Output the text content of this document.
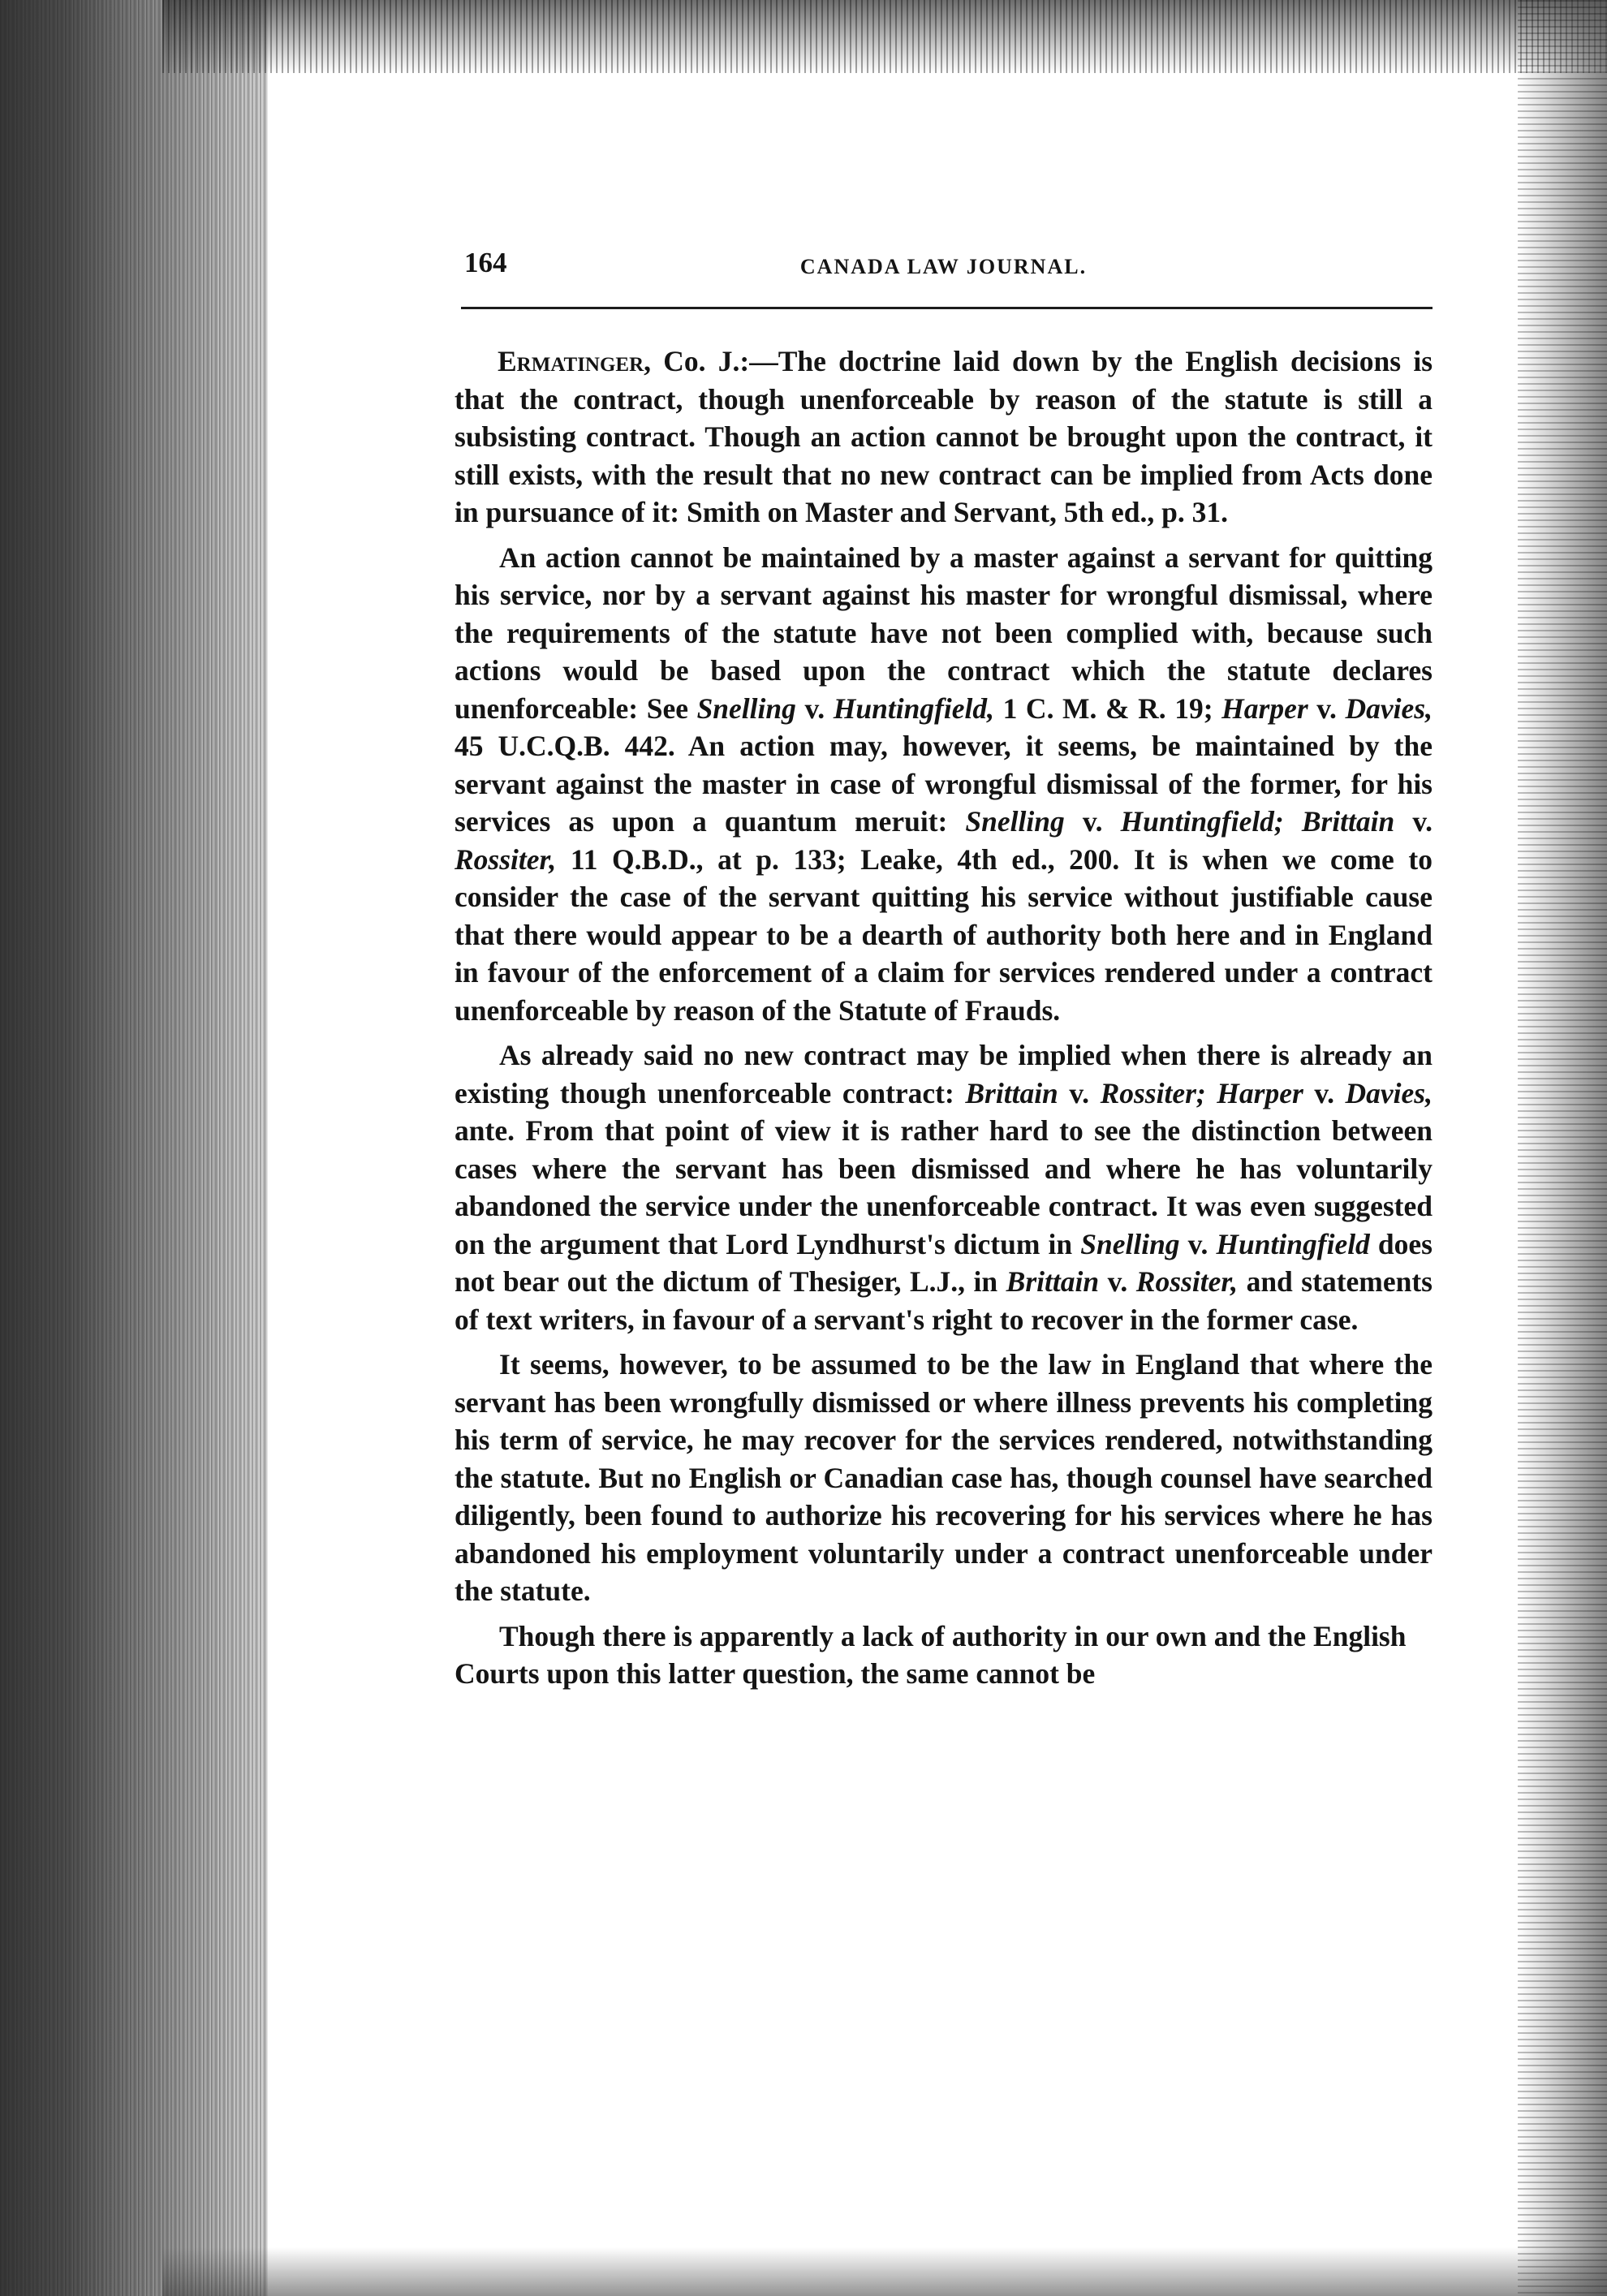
164	CANADA LAW JOURNAL.

Ermatinger, Co. J.:—The doctrine laid down by the English decisions is that the contract, though unenforceable by reason of the statute is still a subsisting contract. Though an action cannot be brought upon the contract, it still exists, with the result that no new contract can be implied from Acts done in pursuance of it: Smith on Master and Servant, 5th ed., p. 31.

An action cannot be maintained by a master against a servant for quitting his service, nor by a servant against his master for wrongful dismissal, where the requirements of the statute have not been complied with, because such actions would be based upon the contract which the statute declares unenforceable: See Snelling v. Huntingfield, 1 C. M. & R. 19; Harper v. Davies, 45 U.C.Q.B. 442. An action may, however, it seems, be maintained by the servant against the master in case of wrongful dismissal of the former, for his services as upon a quantum meruit: Snelling v. Huntingfield; Brittain v. Rossiter, 11 Q.B.D., at p. 133; Leake, 4th ed., 200. It is when we come to consider the case of the servant quitting his service without justifiable cause that there would appear to be a dearth of authority both here and in England in favour of the enforcement of a claim for services rendered under a contract unenforceable by reason of the Statute of Frauds.

As already said no new contract may be implied when there is already an existing though unenforceable contract: Brittain v. Rossiter; Harper v. Davies, ante. From that point of view it is rather hard to see the distinction between cases where the servant has been dismissed and where he has voluntarily abandoned the service under the unenforceable contract. It was even suggested on the argument that Lord Lyndhurst's dictum in Snelling v. Huntingfield does not bear out the dictum of Thesiger, L.J., in Brittain v. Rossiter, and statements of text writers, in favour of a servant's right to recover in the former case.

It seems, however, to be assumed to be the law in England that where the servant has been wrongfully dismissed or where illness prevents his completing his term of service, he may recover for the services rendered, notwithstanding the statute. But no English or Canadian case has, though counsel have searched diligently, been found to authorize his recovering for his services where he has abandoned his employment voluntarily under a contract unenforceable under the statute.

Though there is apparently a lack of authority in our own and the English Courts upon this latter question, the same cannot be
